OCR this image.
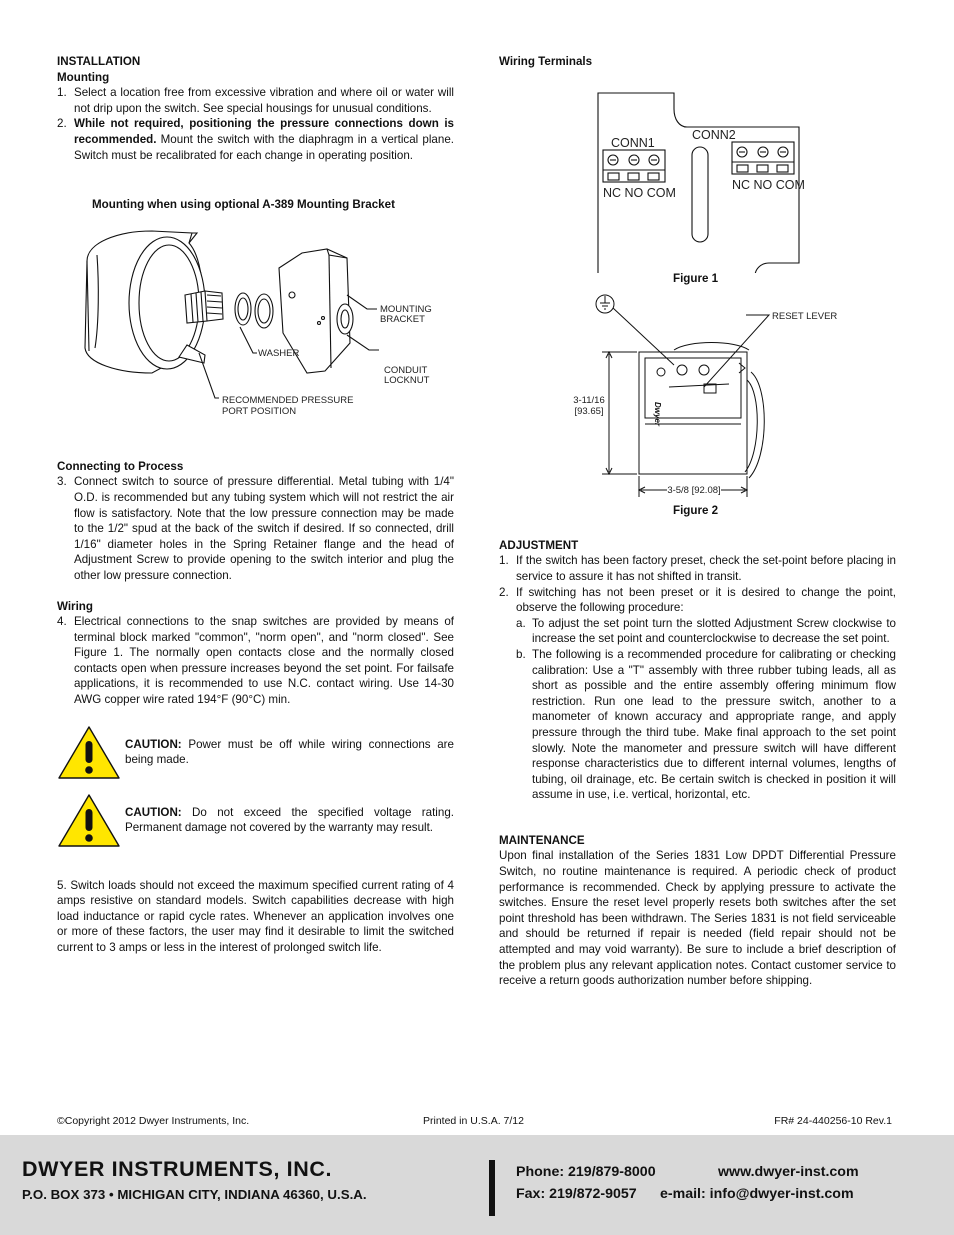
INSTALLATION
Mounting
1. Select a location free from excessive vibration and where oil or water will not drip upon the switch. See special housings for unusual conditions.
2. While not required, positioning the pressure connections down is recommended. Mount the switch with the diaphragm in a vertical plane. Switch must be recalibrated for each change in operating position.
Mounting when using optional A-389 Mounting Bracket
MOUNTING
BRACKET
WASHER
CONDUIT
LOCKNUT
RECOMMENDED PRESSURE
PORT POSITION
Connecting to Process
3. Connect switch to source of pressure differential. Metal tubing with 1/4" O.D. is recommended but any tubing system which will not restrict the air flow is satisfactory. Note that the low pressure connection may be made to the 1/2" spud at the back of the switch if desired. If so connected, drill 1/16" diameter holes in the Spring Retainer flange and the head of Adjustment Screw to provide opening to the switch interior and plug the other low pressure connection.
Wiring
4. Electrical connections to the snap switches are provided by means of terminal block marked "common", "norm open", and "norm closed". See Figure 1. The normally open contacts close and the normally closed contacts open when pressure increases beyond the set point. For failsafe applications, it is recommended to use N.C. contact wiring. Use 14-30 AWG copper wire rated 194°F (90°C) min.
CAUTION: Power must be off while wiring connections are being made.
CAUTION: Do not exceed the specified voltage rating. Permanent damage not covered by the warranty may result.
5. Switch loads should not exceed the maximum specified current rating of 4 amps resistive on standard models. Switch capabilities decrease with high load inductance or rapid cycle rates. Whenever an application involves one or more of these factors, the user may find it desirable to limit the switched current to 3 amps or less in the interest of prolonged switch life.
Wiring Terminals
CONN1
CONN2
NC NO COM
NC NO COM
Figure 1
Dwyer
RESET LEVER
3-11/16
[93.65]
3-5/8 [92.08]
Figure 2
ADJUSTMENT
1. If the switch has been factory preset, check the set-point before placing in service to assure it has not shifted in transit.
2. If switching has not been preset or it is desired to change the point, observe the following procedure:
a. To adjust the set point turn the slotted Adjustment Screw clockwise to increase the set point and counterclockwise to decrease the set point.
b. The following is a recommended procedure for calibrating or checking calibration: Use a "T" assembly with three rubber tubing leads, all as short as possible and the entire assembly offering minimum flow restriction. Run one lead to the pressure switch, another to a manometer of known accuracy and appropriate range, and apply pressure through the third tube. Make final approach to the set point slowly. Note the manometer and pressure switch will have different response characteristics due to different internal volumes, lengths of tubing, oil drainage, etc. Be certain switch is checked in position it will assume in use, i.e. vertical, horizontal, etc.
MAINTENANCE
Upon final installation of the Series 1831 Low DPDT Differential Pressure Switch, no routine maintenance is required. A periodic check of product performance is recommended. Check by applying pressure to activate the switches. Ensure the reset level properly resets both switches after the set point threshold has been withdrawn. The Series 1831 is not field serviceable and should be returned if repair is needed (field repair should not be attempted and may void warranty). Be sure to include a brief description of the problem plus any relevant application notes. Contact customer service to receive a return goods authorization number before shipping.
©Copyright 2012 Dwyer Instruments, Inc.	Printed in U.S.A. 7/12	FR# 24-440256-10 Rev.1
DWYER INSTRUMENTS, INC.
P.O. BOX 373 • MICHIGAN CITY, INDIANA 46360, U.S.A.
Phone: 219/879-8000
Fax: 219/872-9057
www.dwyer-inst.com
e-mail: info@dwyer-inst.com
